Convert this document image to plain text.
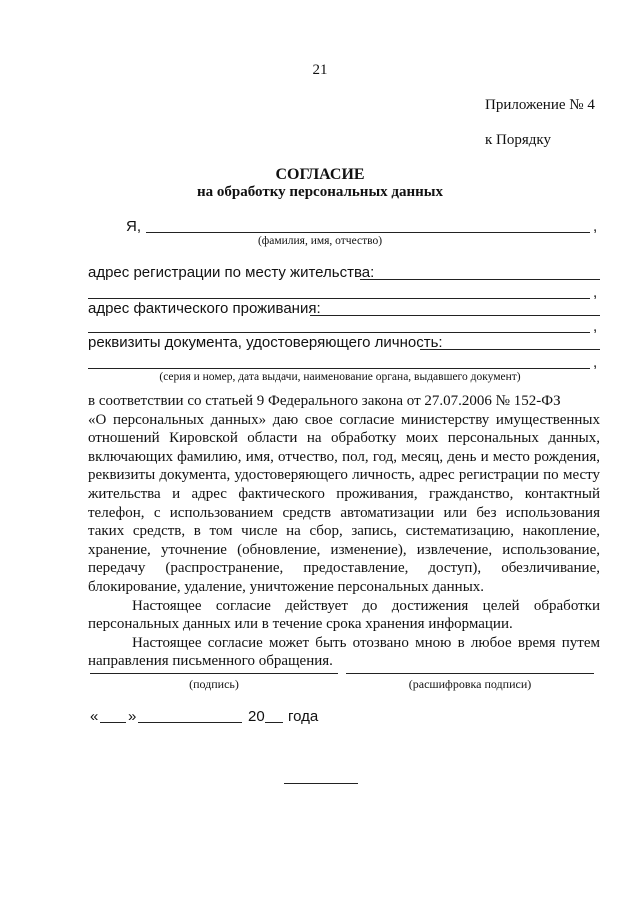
21
Приложение № 4
к Порядку
СОГЛАСИЕ
на обработку персональных данных
Я,	,
(фамилия, имя, отчество)
адрес регистрации по месту жительства:
,
адрес фактического проживания:
,
реквизиты документа, удостоверяющего личность:
,
(серия и номер, дата выдачи, наименование органа, выдавшего документ)

в соответствии со статьей 9 Федерального закона от 27.07.2006 № 152-ФЗ

«О персональных данных» даю свое согласие министерству имущественных отношений Кировской области на обработку моих персональных данных, включающих фамилию, имя, отчество, пол, год, месяц, день и место рождения, реквизиты документа, удостоверяющего личность, адрес регистрации по месту жительства и адрес фактического проживания, гражданство, контактный телефон, с использованием средств автоматизации или без использования таких средств, в том числе на сбор, запись, систематизацию, накопление, хранение, уточнение (обновление, изменение), извлечение, использование, передачу (распространение, предоставление, доступ), обезличивание, блокирование, удаление, уничтожение персональных данных.

Настоящее согласие действует до достижения целей обработки персональных данных или в течение срока хранения информации.

Настоящее согласие может быть отозвано мною в любое время путем направления письменного обращения.

(подпись)	(расшифровка подписи)
« »	20 года
